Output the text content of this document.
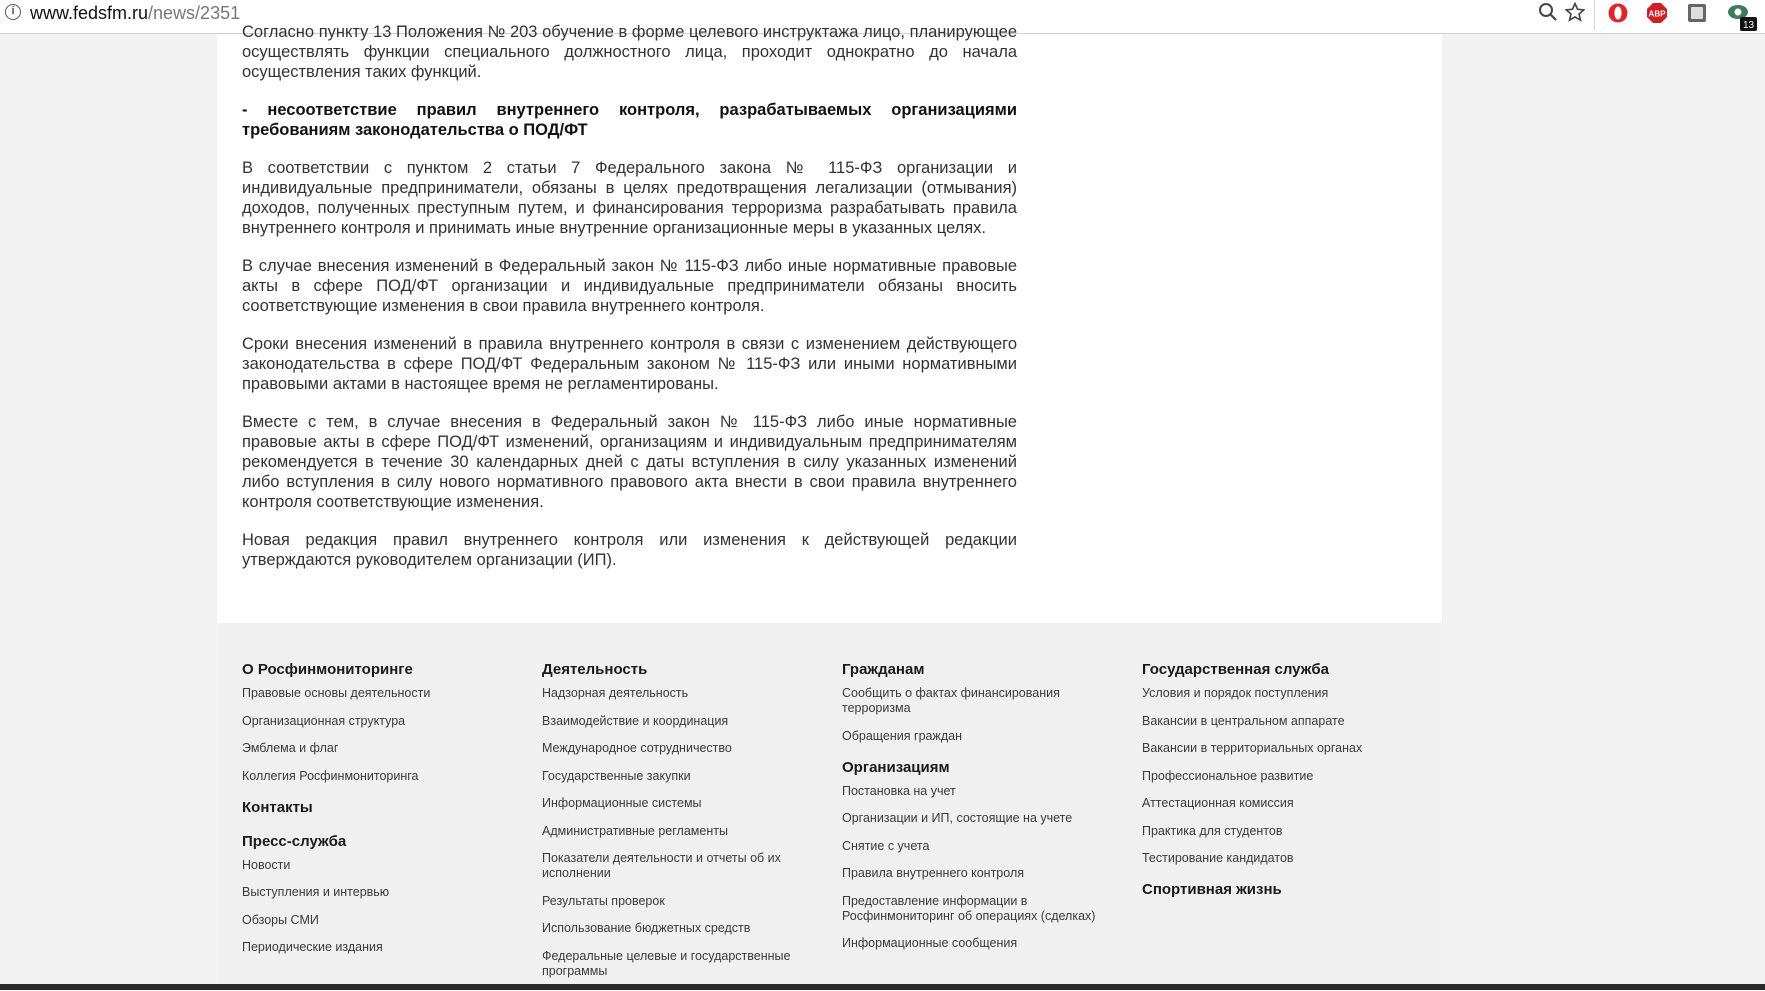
i www.fedsfm.ru/news/2351	ABP
13

Согласно пункту 13 Положения № 203 обучение в форме целевого инструктажа лицо, планирующее осуществлять функции специального должностного лица, проходит однократно до начала осуществления таких функций.

- несоответствие правил внутреннего контроля, разрабатываемых организациями требованиям законодательства о ПОД/ФТ

В соответствии с пунктом 2 статьи 7 Федерального закона № 115-ФЗ организации и индивидуальные предприниматели, обязаны в целях предотвращения легализации (отмывания) доходов, полученных преступным путем, и финансирования терроризма разрабатывать правила внутреннего контроля и принимать иные внутренние организационные меры в указанных целях.

В случае внесения изменений в Федеральный закон № 115-ФЗ либо иные нормативные правовые акты в сфере ПОД/ФТ организации и индивидуальные предприниматели обязаны вносить соответствующие изменения в свои правила внутреннего контроля.

Сроки внесения изменений в правила внутреннего контроля в связи с изменением действующего законодательства в сфере ПОД/ФТ Федеральным законом № 115-ФЗ или иными нормативными правовыми актами в настоящее время не регламентированы.

Вместе с тем, в случае внесения в Федеральный закон № 115-ФЗ либо иные нормативные правовые акты в сфере ПОД/ФТ изменений, организациям и индивидуальным предпринимателям рекомендуется в течение 30 календарных дней с даты вступления в силу указанных изменений либо вступления в силу нового нормативного правового акта внести в свои правила внутреннего контроля соответствующие изменения.

Новая редакция правил внутреннего контроля или изменения к действующей редакции утверждаются руководителем организации (ИП).

О Росфинмониторинге
Правовые основы деятельности
Организационная структура
Эмблема и флаг
Коллегия Росфинмониторинга
Контакты
Пресс-служба
Новости
Выступления и интервью
Обзоры СМИ
Периодические издания
Деятельность
Надзорная деятельность
Взаимодействие и координация
Международное сотрудничество
Государственные закупки
Информационные системы
Административные регламенты
Показатели деятельности и отчеты об их исполнении
Результаты проверок
Использование бюджетных средств
Федеральные целевые и государственные программы
Гражданам
Сообщить о фактах финансирования терроризма
Обращения граждан
Организациям
Постановка на учет
Организации и ИП, состоящие на учете
Снятие с учета
Правила внутреннего контроля
Предоставление информации в Росфинмониторинг об операциях (сделках)
Информационные сообщения
Государственная служба
Условия и порядок поступления
Вакансии в центральном аппарате
Вакансии в территориальных органах
Профессиональное развитие
Аттестационная комиссия
Практика для студентов
Тестирование кандидатов
Спортивная жизнь
